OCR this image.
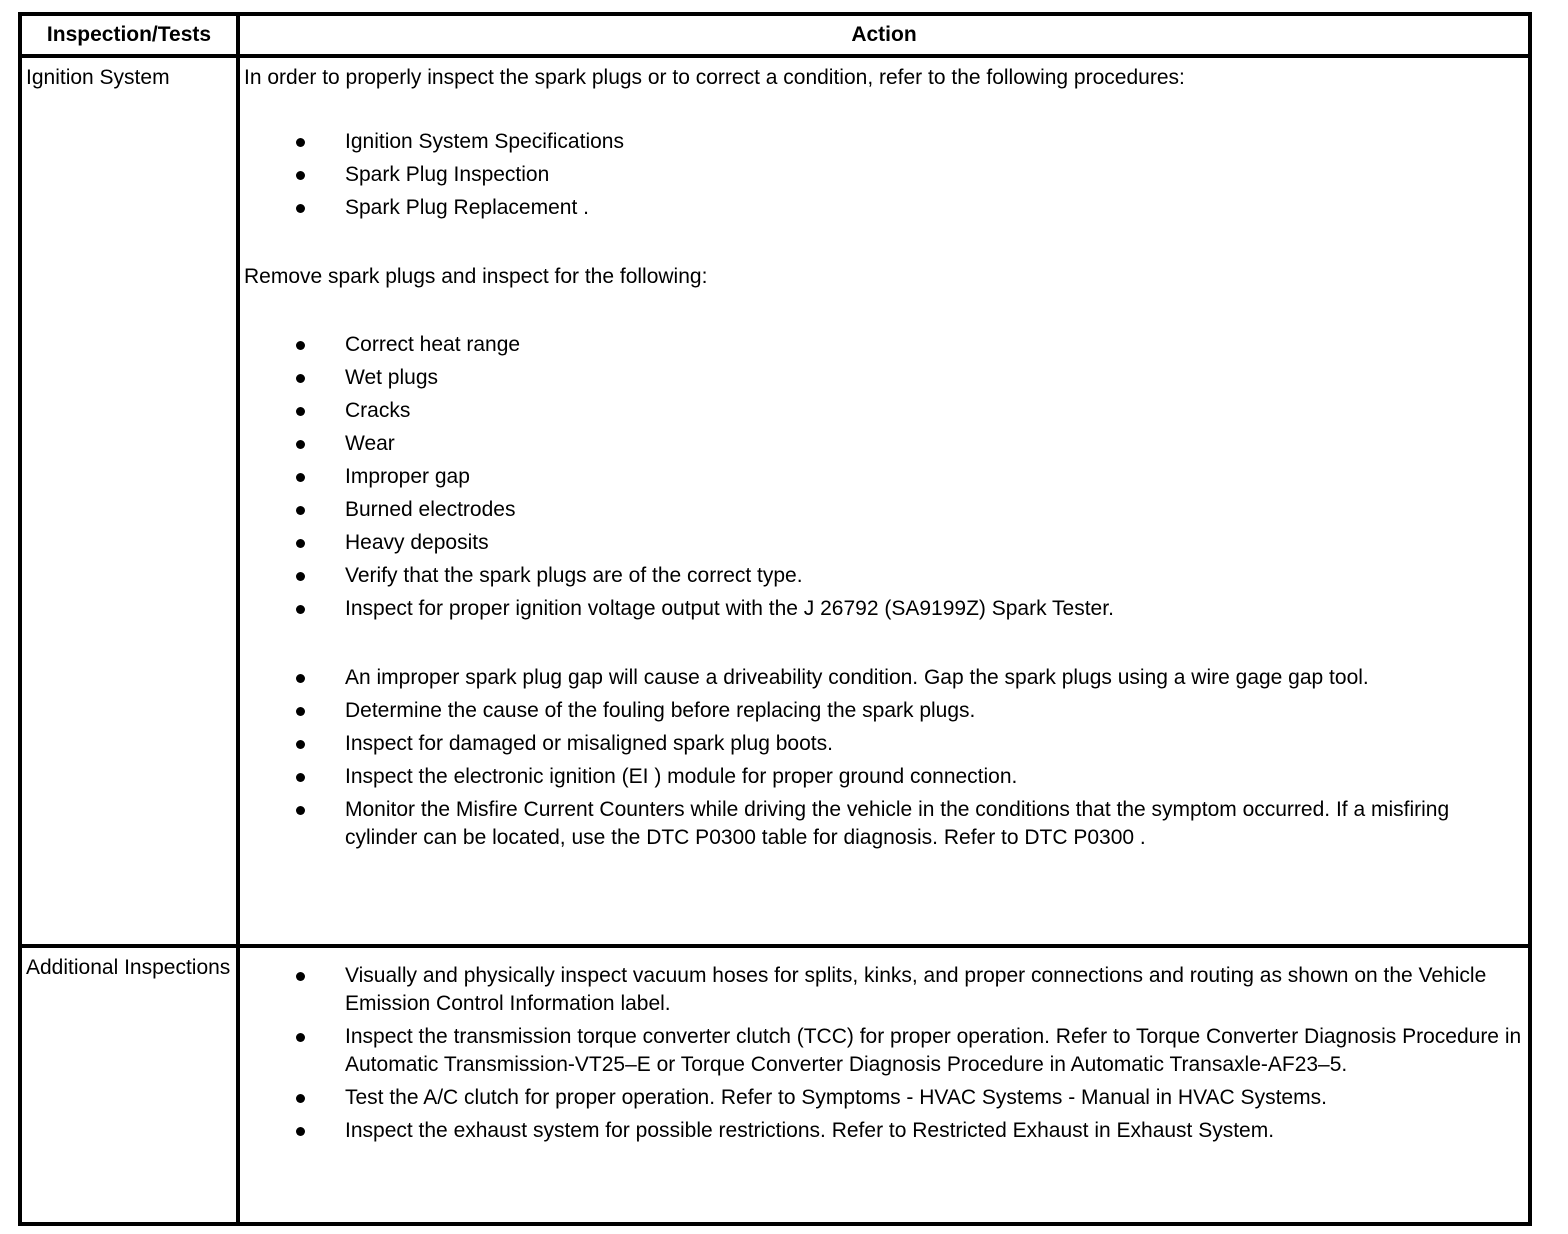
Inspection/Tests	Action
Ignition System	In order to properly inspect the spark plugs or to correct a condition, refer to the following procedures:

Ignition System Specifications
Spark Plug Inspection
Spark Plug Replacement .

Remove spark plugs and inspect for the following:

Correct heat range
Wet plugs
Cracks
Wear
Improper gap
Burned electrodes
Heavy deposits
Verify that the spark plugs are of the correct type.
Inspect for proper ignition voltage output with the J 26792 (SA9199Z) Spark Tester.
An improper spark plug gap will cause a driveability condition. Gap the spark plugs using a wire gage gap tool.
Determine the cause of the fouling before replacing the spark plugs.
Inspect for damaged or misaligned spark plug boots.
Inspect the electronic ignition (EI ) module for proper ground connection.
Monitor the Misfire Current Counters while driving the vehicle in the conditions that the symptom occurred. If a misfiring cylinder can be located, use the DTC P0300 table for diagnosis. Refer to DTC P0300 .

Additional Inspections	Visually and physically inspect vacuum hoses for splits, kinks, and proper connections and routing as shown on the Vehicle Emission Control Information label.
Inspect the transmission torque converter clutch (TCC) for proper operation. Refer to Torque Converter Diagnosis Procedure in Automatic Transmission-VT25–E or Torque Converter Diagnosis Procedure in Automatic Transaxle-AF23–5.
Test the A/C clutch for proper operation. Refer to Symptoms - HVAC Systems - Manual in HVAC Systems.
Inspect the exhaust system for possible restrictions. Refer to Restricted Exhaust in Exhaust System.
